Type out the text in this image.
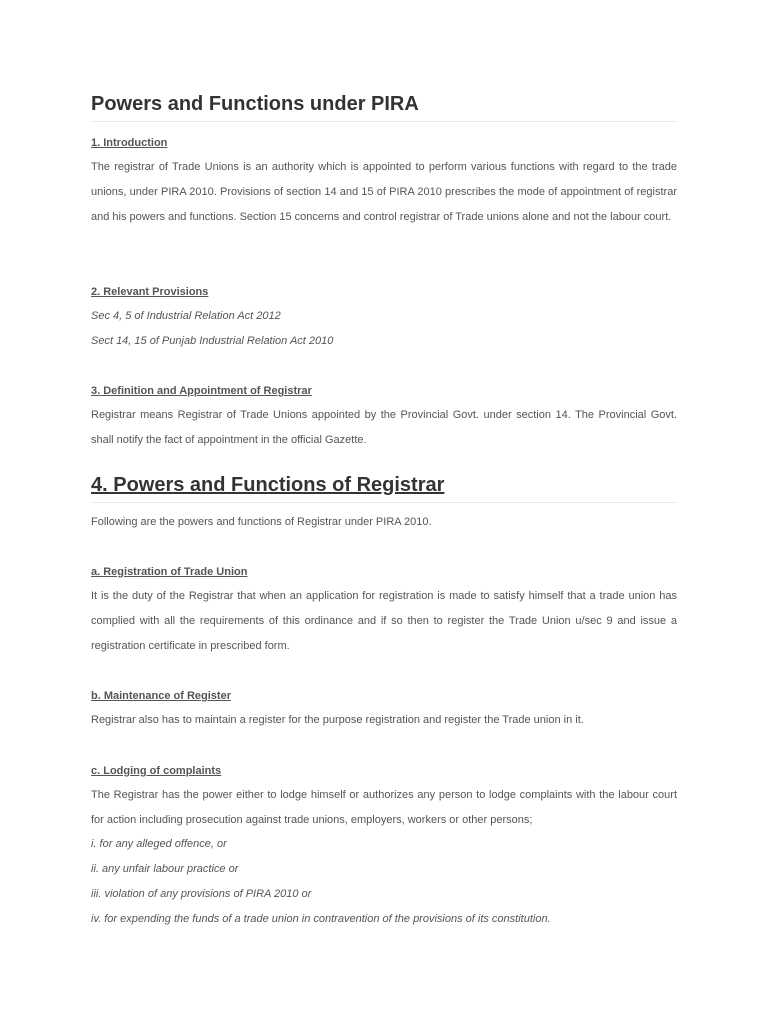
Powers and Functions under PIRA
1. Introduction

The registrar of Trade Unions is an authority which is appointed to perform various functions with regard to the trade unions, under PIRA 2010. Provisions of section 14 and 15 of PIRA 2010 prescribes the mode of appointment of registrar and his powers and functions. Section 15 concerns and control registrar of Trade unions alone and not the labour court.

2. Relevant Provisions

Sec 4, 5 of Industrial Relation Act 2012

Sect 14, 15 of Punjab Industrial Relation Act 2010

3. Definition and Appointment of Registrar

Registrar means Registrar of Trade Unions appointed by the Provincial Govt. under section 14. The Provincial Govt. shall notify the fact of appointment in the official Gazette.

4. Powers and Functions of Registrar

Following are the powers and functions of Registrar under PIRA 2010.

a. Registration of Trade Union

It is the duty of the Registrar that when an application for registration is made to satisfy himself that a trade union has complied with all the requirements of this ordinance and if so then to register the Trade Union u/sec 9 and issue a registration certificate in prescribed form.

b. Maintenance of Register

Registrar also has to maintain a register for the purpose registration and register the Trade union in it.

c. Lodging of complaints

The Registrar has the power either to lodge himself or authorizes any person to lodge complaints with the labour court for action including prosecution against trade unions, employers, workers or other persons;

i. for any alleged offence, or

ii. any unfair labour practice or

iii. violation of any provisions of PIRA 2010 or

iv. for expending the funds of a trade union in contravention of the provisions of its constitution.
